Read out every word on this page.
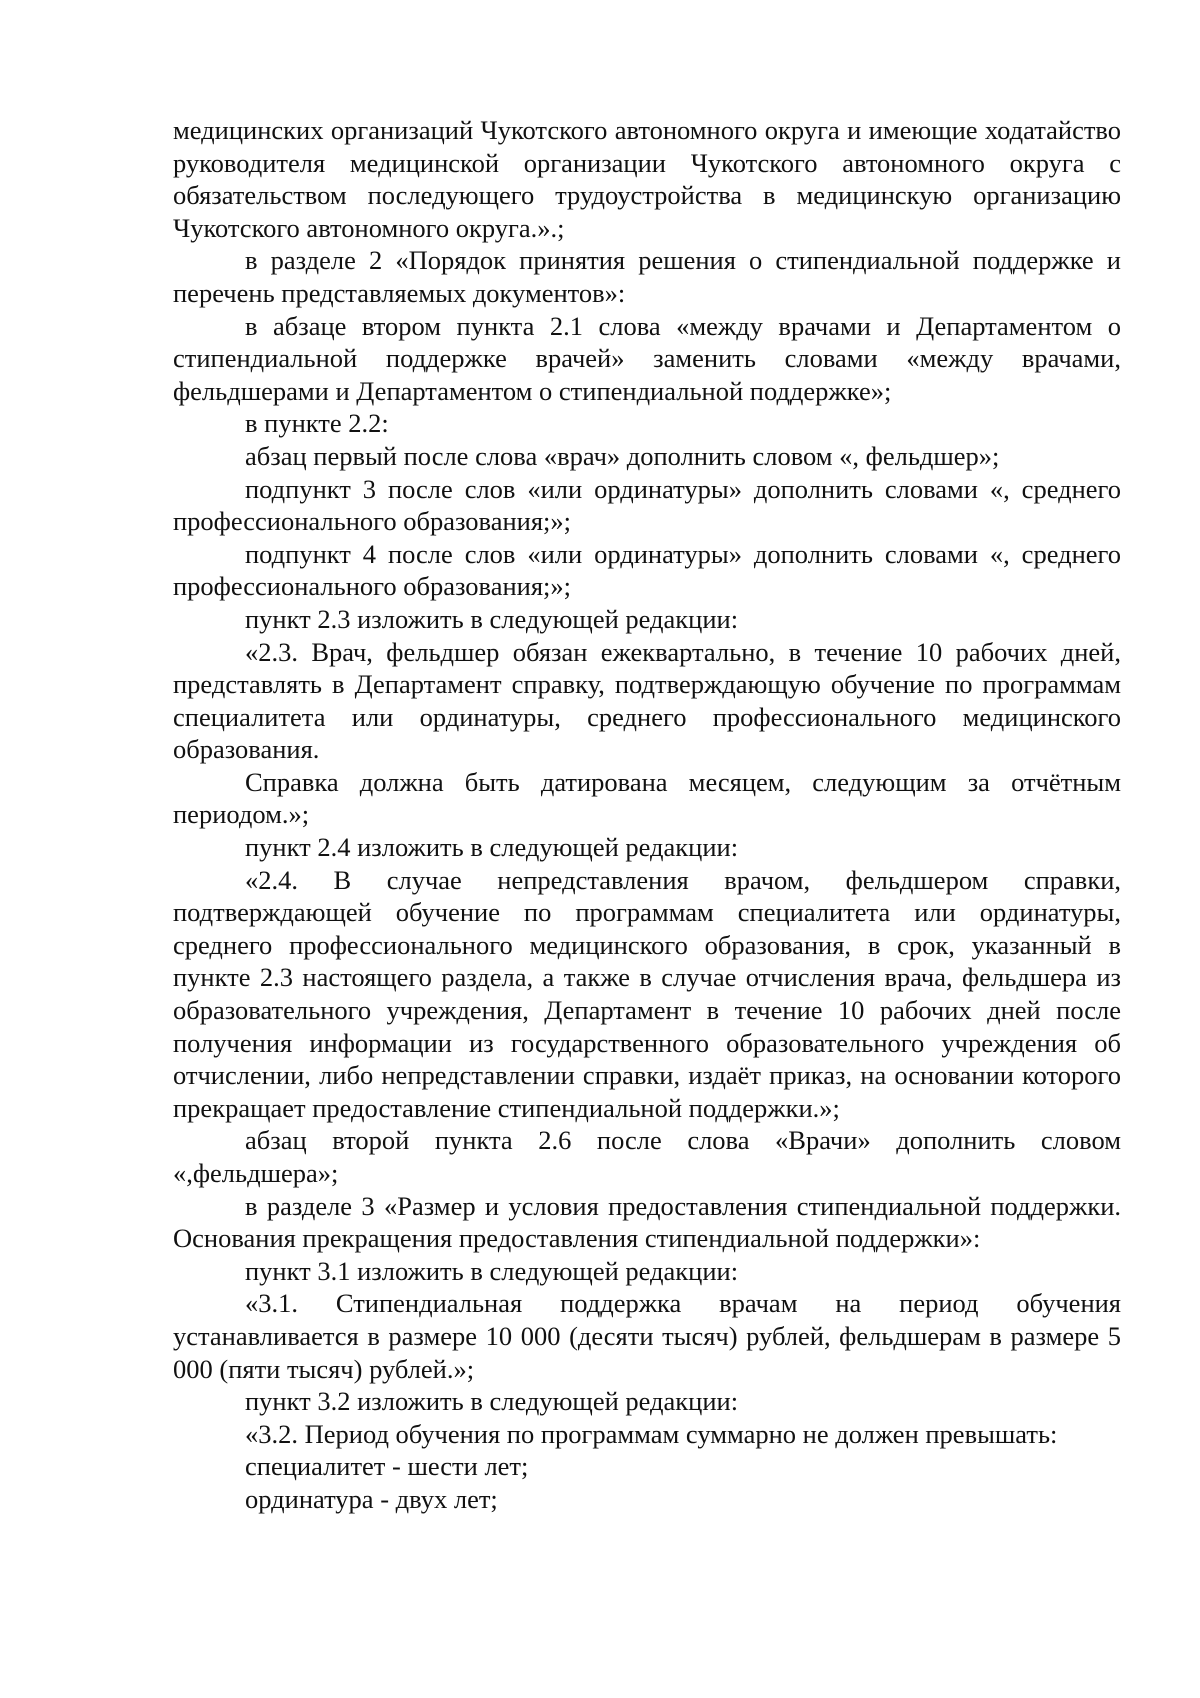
медицинских организаций Чукотского автономного округа и имеющие ходатайство руководителя медицинской организации Чукотского автономного округа с обязательством последующего трудоустройства в медицинскую организацию Чукотского автономного округа.».;

в разделе 2 «Порядок принятия решения о стипендиальной поддержке и перечень представляемых документов»:

в абзаце втором пункта 2.1 слова «между врачами и Департаментом о стипендиальной поддержке врачей» заменить словами «между врачами, фельдшерами и Департаментом о стипендиальной поддержке»;

в пункте 2.2:

абзац первый после слова «врач» дополнить словом «, фельдшер»;

подпункт 3 после слов «или ординатуры» дополнить словами «, среднего профессионального образования;»;

подпункт 4 после слов «или ординатуры» дополнить словами «, среднего профессионального образования;»;

пункт 2.3 изложить в следующей редакции:

«2.3. Врач, фельдшер обязан ежеквартально, в течение 10 рабочих дней, представлять в Департамент справку, подтверждающую обучение по программам специалитета или ординатуры, среднего профессионального медицинского образования.

Справка должна быть датирована месяцем, следующим за отчётным периодом.»;

пункт 2.4 изложить в следующей редакции:

«2.4. В случае непредставления врачом, фельдшером справки, подтверждающей обучение по программам специалитета или ординатуры, среднего профессионального медицинского образования, в срок, указанный в пункте 2.3 настоящего раздела, а также в случае отчисления врача, фельдшера из образовательного учреждения, Департамент в течение 10 рабочих дней после получения информации из государственного образовательного учреждения об отчислении, либо непредставлении справки, издаёт приказ, на основании которого прекращает предоставление стипендиальной поддержки.»;

абзац второй пункта 2.6 после слова «Врачи» дополнить словом «,фельдшера»;

в разделе 3 «Размер и условия предоставления стипендиальной поддержки. Основания прекращения предоставления стипендиальной поддержки»:

пункт 3.1 изложить в следующей редакции:

«3.1. Стипендиальная поддержка врачам на период обучения устанавливается в размере 10 000 (десяти тысяч) рублей, фельдшерам в размере 5 000 (пяти тысяч) рублей.»;

пункт 3.2 изложить в следующей редакции:

«3.2. Период обучения по программам суммарно не должен превышать:

специалитет - шести лет;

ординатура - двух лет;
